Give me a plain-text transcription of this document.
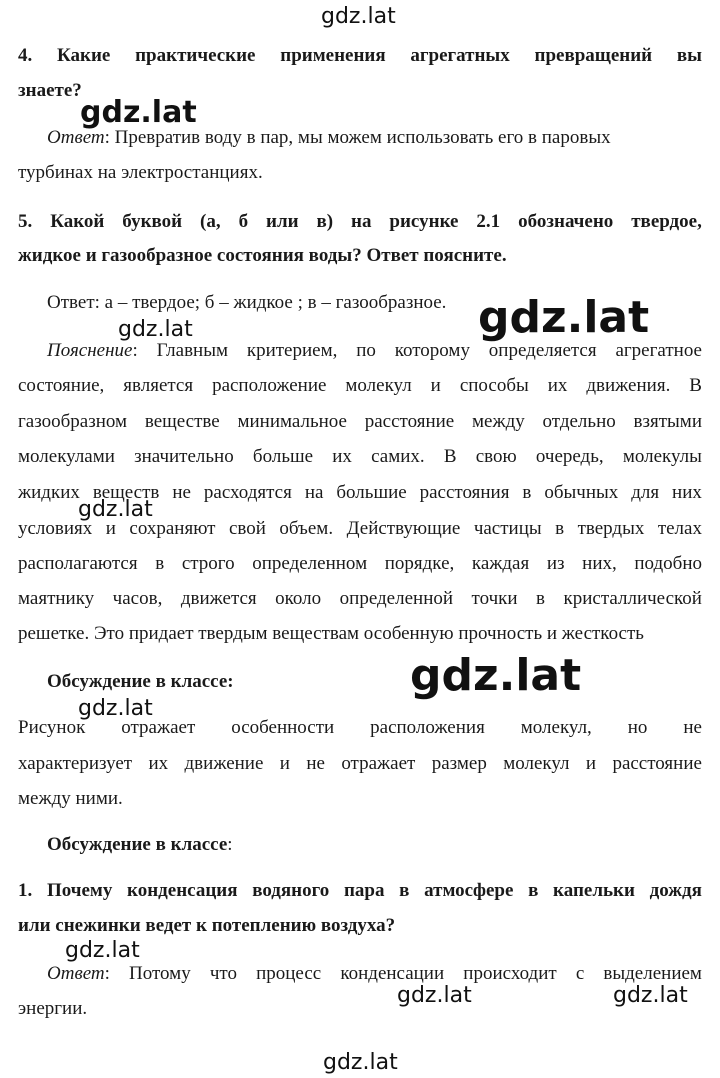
gdz.lat
gdz.lat
gdz.lat
gdz.lat
gdz.lat
gdz.lat
gdz.lat
gdz.lat
gdz.lat	gdz.lat
gdz.lat
4. Какие практические применения агрегатных превращений вы
знаете?
Ответ: Превратив воду в пар, мы можем использовать его в паровых
турбинах на электростанциях.
5. Какой буквой (а, б или в) на рисунке 2.1 обозначено твердое,
жидкое и газообразное состояния воды? Ответ поясните.
Ответ: а – твердое; б – жидкое ; в – газообразное.
Пояснение: Главным критерием, по которому определяется агрегатное
состояние, является расположение молекул и способы их движения. В
газообразном веществе минимальное расстояние между отдельно взятыми
молекулами значительно больше их самих. В свою очередь, молекулы
жидких веществ не расходятся на большие расстояния в обычных для них
условиях и сохраняют свой объем. Действующие частицы в твердых телах
располагаются в строго определенном порядке, каждая из них, подобно
маятнику часов, движется около определенной точки в кристаллической
решетке. Это придает твердым веществам особенную прочность и жесткость
Обсуждение в классе:
Рисунок отражает особенности расположения молекул, но не
характеризует их движение и не отражает размер молекул и расстояние
между ними.
Обсуждение в классе:
1. Почему конденсация водяного пара в атмосфере в капельки дождя
или снежинки ведет к потеплению воздуха?
Ответ: Потому что процесс конденсации происходит с выделением
энергии.
